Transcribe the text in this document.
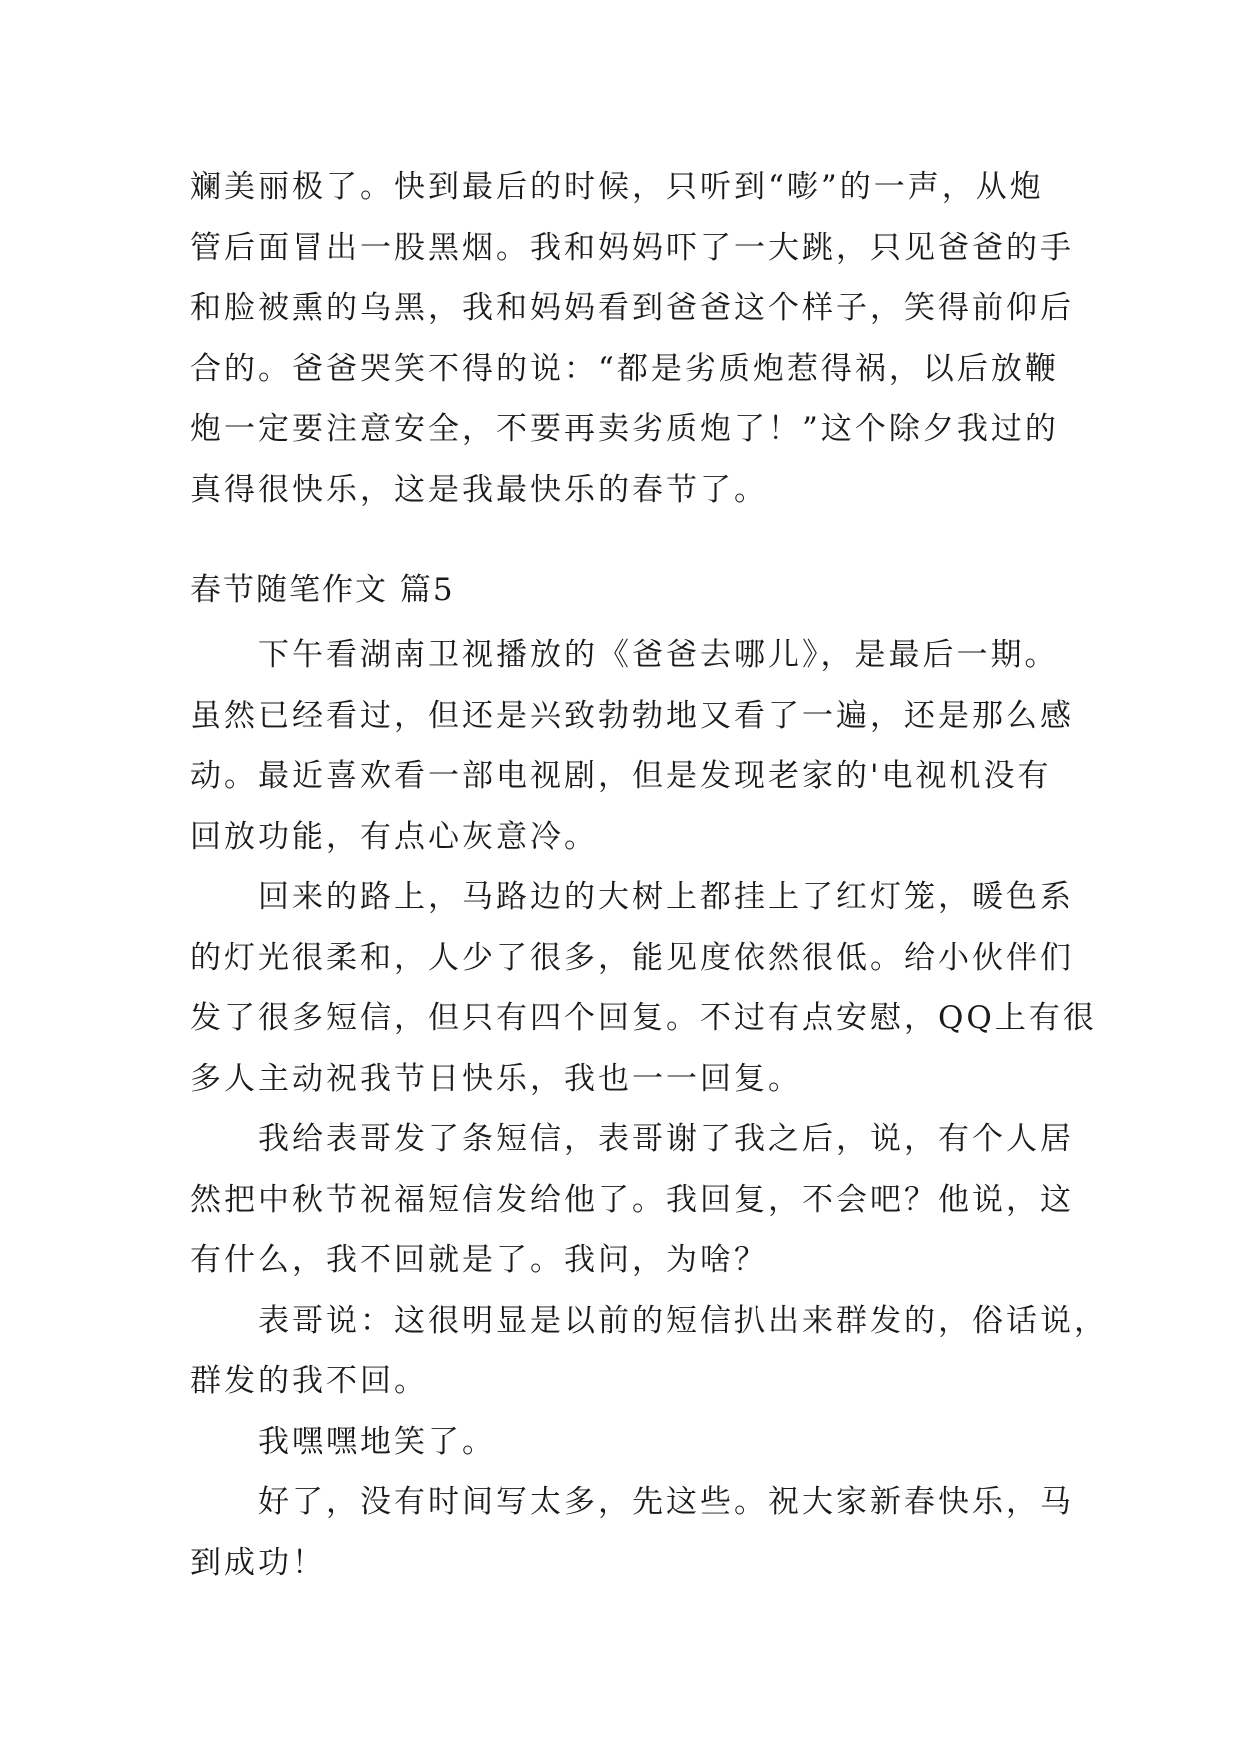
斓美丽极了。快到最后的时候，只听到“嘭”的一声，从炮
管后面冒出一股黑烟。我和妈妈吓了一大跳，只见爸爸的手
和脸被熏的乌黑，我和妈妈看到爸爸这个样子，笑得前仰后
合的。爸爸哭笑不得的说：“都是劣质炮惹得祸，以后放鞭
炮一定要注意安全，不要再卖劣质炮了！”这个除夕我过的
真得很快乐，这是我最快乐的春节了。
春节随笔作文 篇5
下午看湖南卫视播放的《爸爸去哪儿》，是最后一期。
虽然已经看过，但还是兴致勃勃地又看了一遍，还是那么感
动。最近喜欢看一部电视剧，但是发现老家的'电视机没有
回放功能，有点心灰意冷。
回来的路上，马路边的大树上都挂上了红灯笼，暖色系
的灯光很柔和，人少了很多，能见度依然很低。给小伙伴们
发了很多短信，但只有四个回复。不过有点安慰，QQ上有很
多人主动祝我节日快乐，我也一一回复。
我给表哥发了条短信，表哥谢了我之后，说，有个人居
然把中秋节祝福短信发给他了。我回复，不会吧？他说，这
有什么，我不回就是了。我问，为啥？
表哥说：这很明显是以前的短信扒出来群发的，俗话说，
群发的我不回。
我嘿嘿地笑了。
好了，没有时间写太多，先这些。祝大家新春快乐，马
到成功！
